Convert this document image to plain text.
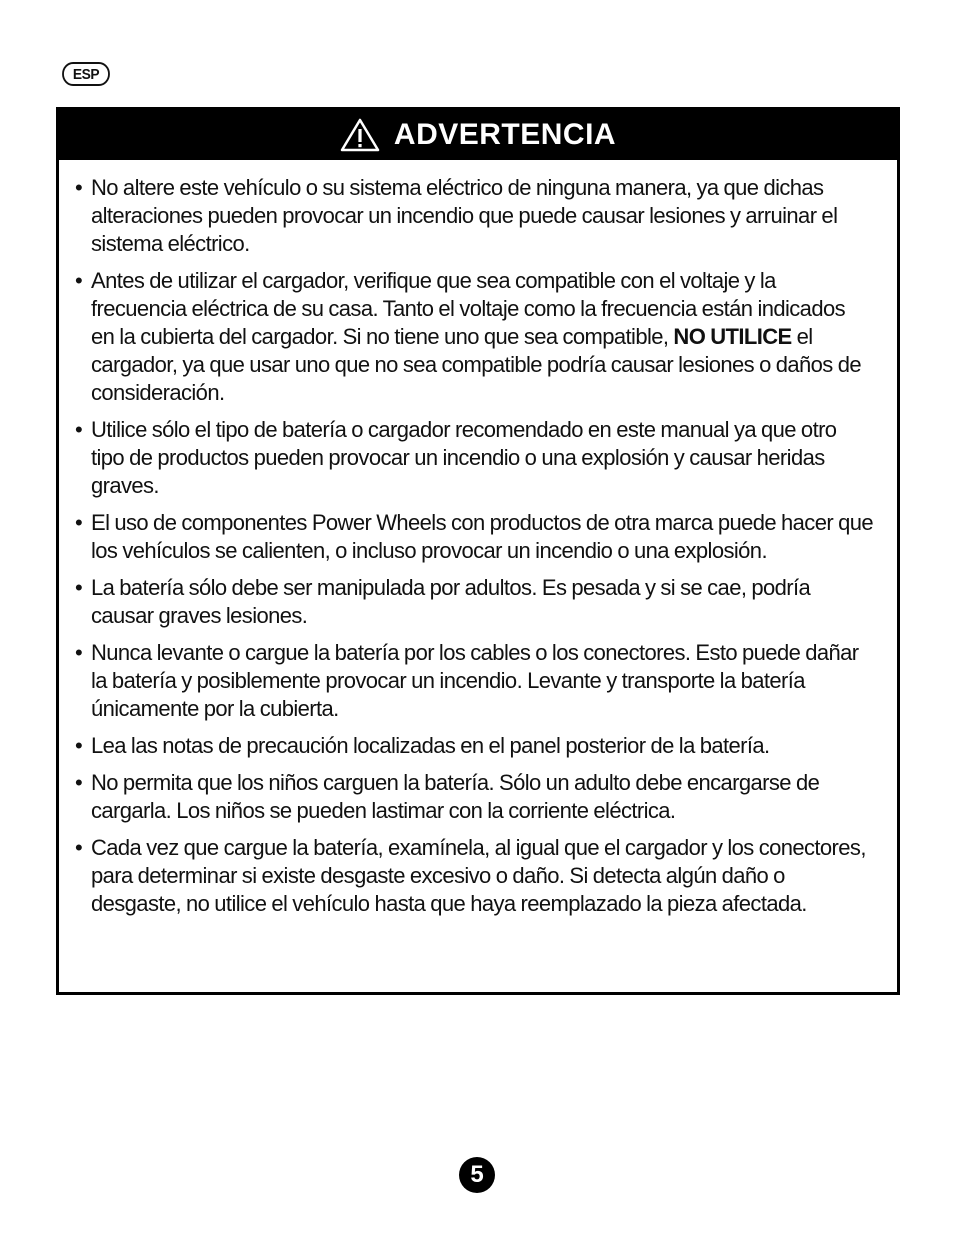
ESP
ADVERTENCIA
• No altere este vehículo o su sistema eléctrico de ninguna manera, ya que dichas alteraciones pueden provocar un incendio que puede causar lesiones y arruinar el sistema eléctrico.
• Antes de utilizar el cargador, verifique que sea compatible con el voltaje y la frecuencia eléctrica de su casa. Tanto el voltaje como la frecuencia están indicados en la cubierta del cargador. Si no tiene uno que sea compatible, NO UTILICE el cargador, ya que usar uno que no sea compatible podría causar lesiones o daños de consideración.
• Utilice sólo el tipo de batería o cargador recomendado en este manual ya que otro tipo de productos pueden provocar un incendio o una explosión y causar heridas graves.
• El uso de componentes Power Wheels con productos de otra marca puede hacer que los vehículos se calienten, o incluso provocar un incendio o una explosión.
• La batería sólo debe ser manipulada por adultos. Es pesada y si se cae, podría causar graves lesiones.
• Nunca levante o cargue la batería por los cables o los conectores. Esto puede dañar la batería y posiblemente provocar un incendio. Levante y transporte la batería únicamente por la cubierta.
• Lea las notas de precaución localizadas en el panel posterior de la batería.
• No permita que los niños carguen la batería. Sólo un adulto debe encargarse de cargarla. Los niños se pueden lastimar con la corriente eléctrica.
• Cada vez que cargue la batería, examínela, al igual que el cargador y los conectores, para determinar si existe desgaste excesivo o daño. Si detecta algún daño o desgaste, no utilice el vehículo hasta que haya reemplazado la pieza afectada.
5
